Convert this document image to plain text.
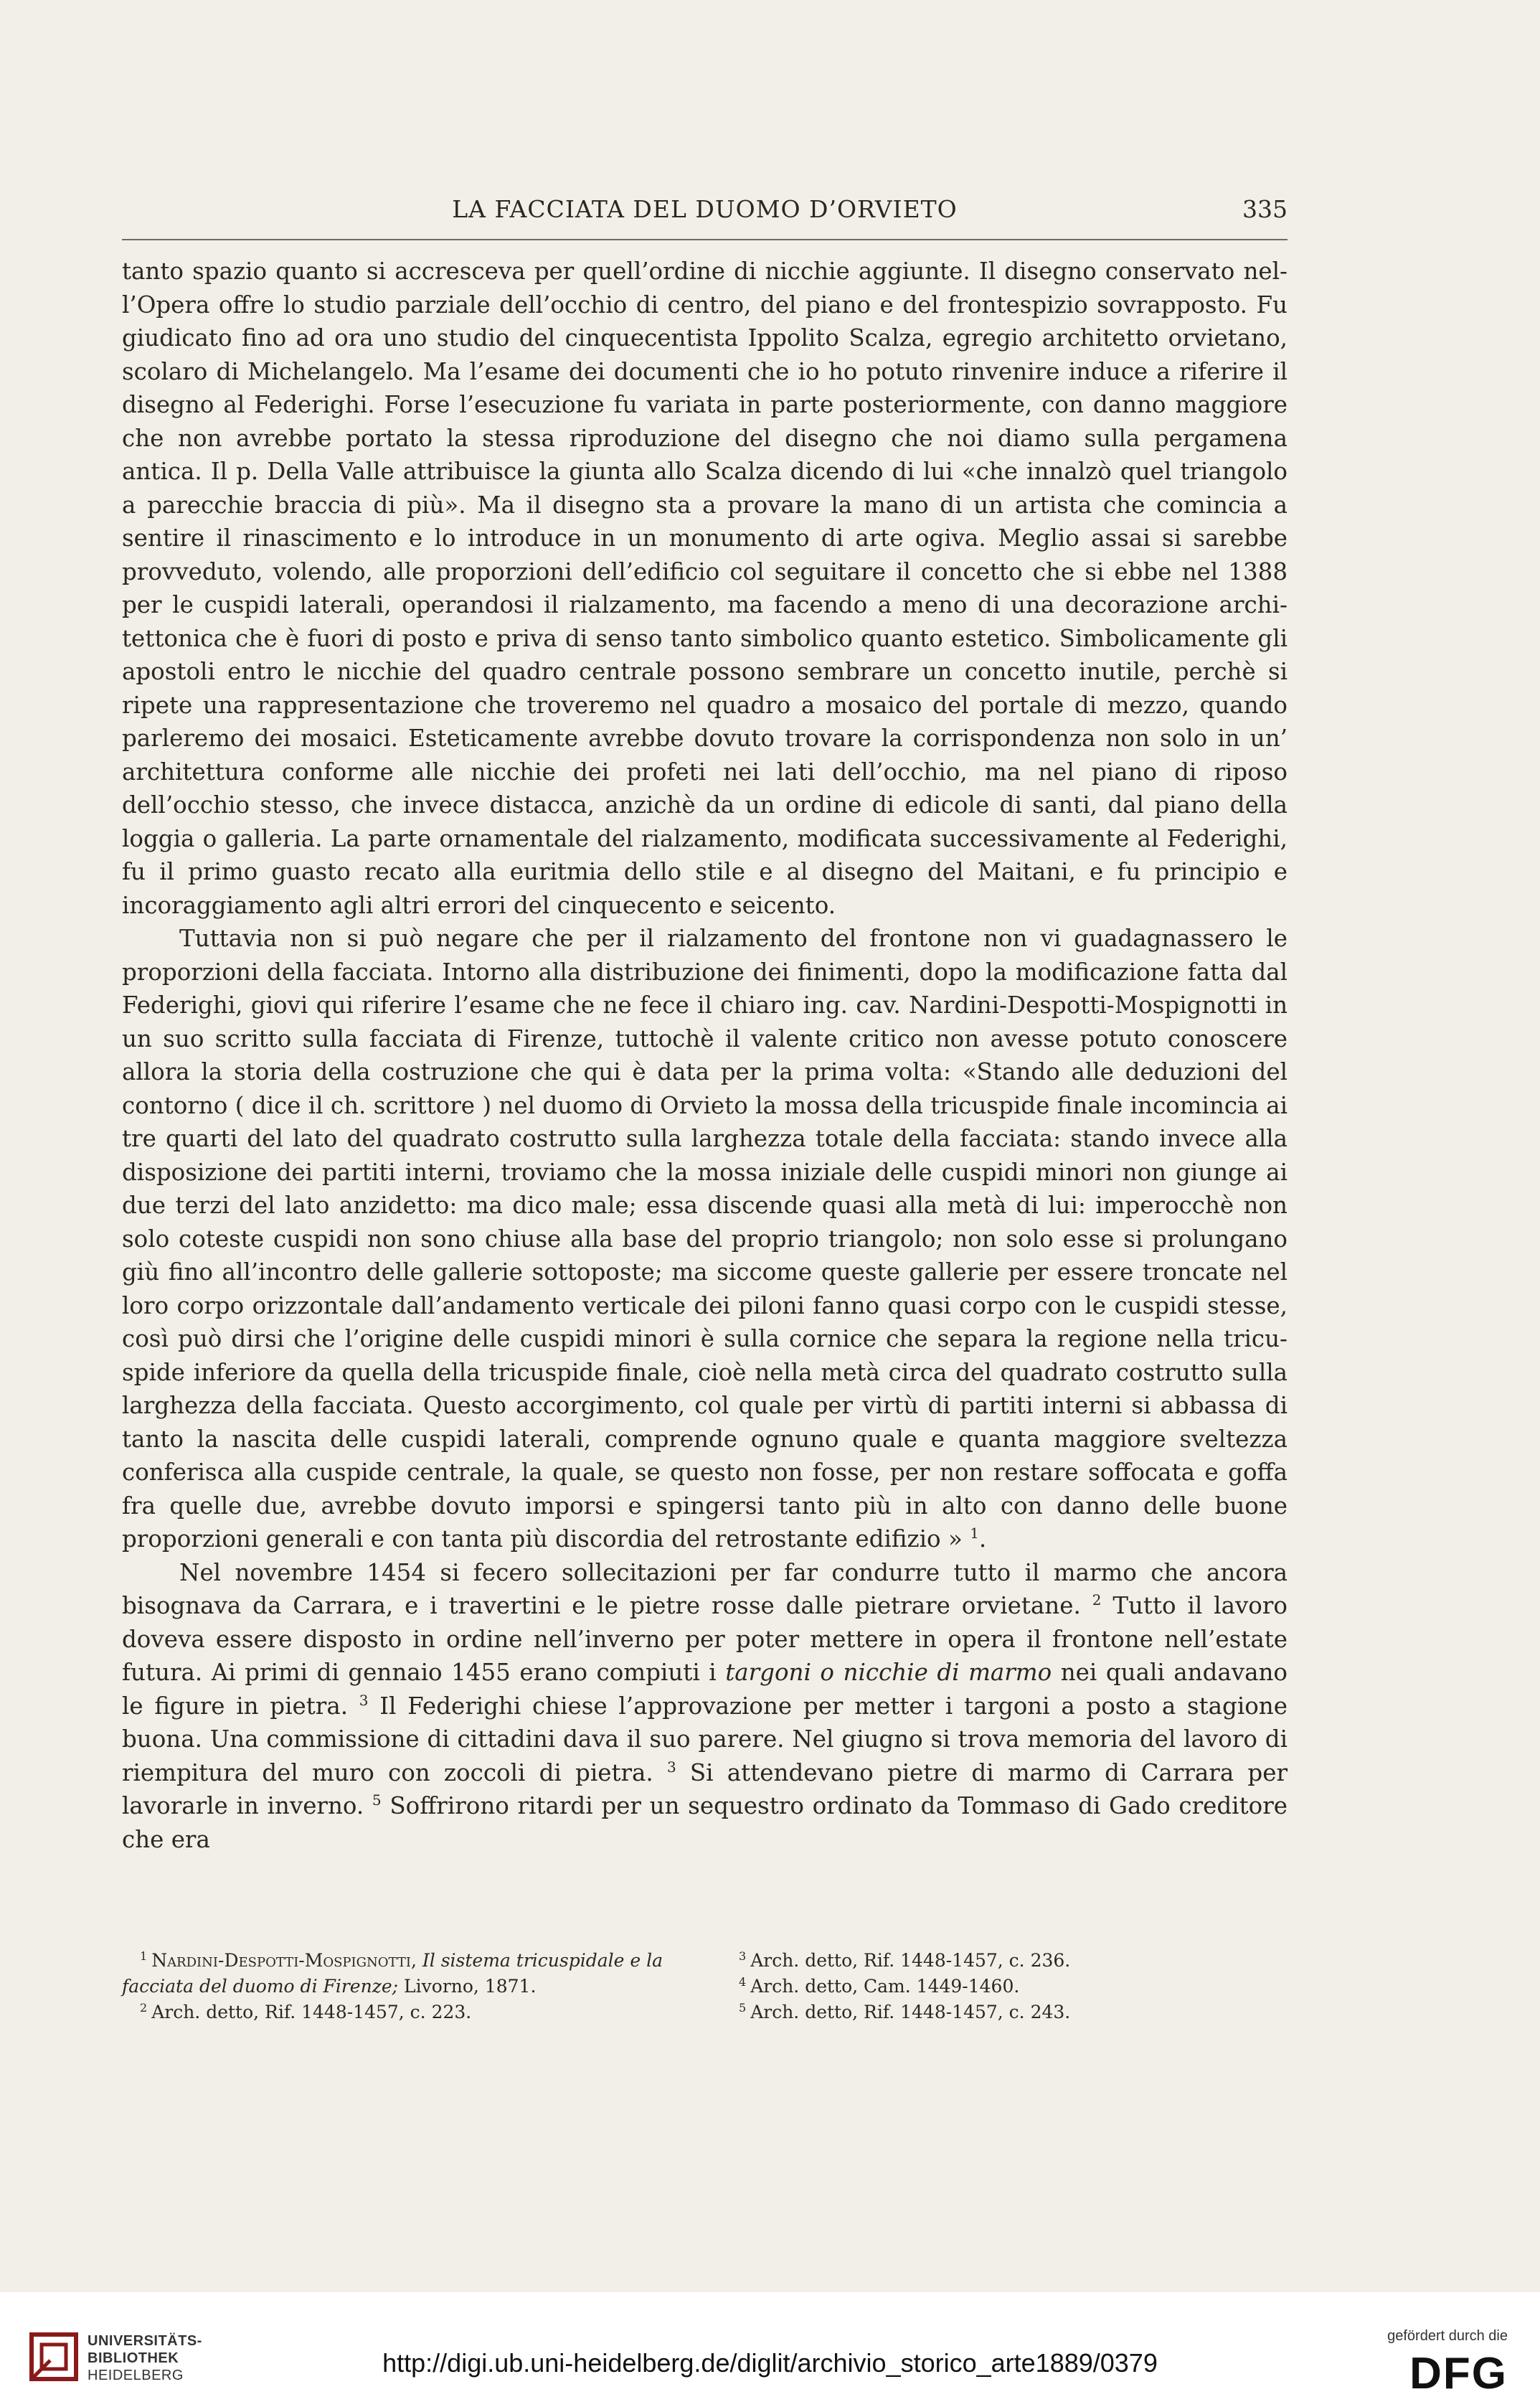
LA FACCIATA DEL DUOMO D’ORVIETO	335

tanto spazio quanto si accresceva per quell’ordine di nicchie aggiunte. Il disegno conservato nell’Opera offre lo studio parziale dell’occhio di centro, del piano e del frontespizio sovrapposto. Fu giudicato fino ad ora uno studio del cinquecentista Ippolito Scalza, egregio architetto orvietano, scolaro di Michelangelo. Ma l’esame dei documenti che io ho potuto rinvenire induce a riferire il disegno al Federighi. Forse l’esecuzione fu variata in parte posteriormente, con danno maggiore che non avrebbe portato la stessa riproduzione del disegno che noi diamo sulla pergamena antica. Il p. Della Valle attribuisce la giunta allo Scalza dicendo di lui «che innalzò quel triangolo a parecchie braccia di più». Ma il disegno sta a provare la mano di un artista che comincia a sentire il rinascimento e lo introduce in un monumento di arte ogiva. Meglio assai si sarebbe provveduto, volendo, alle proporzioni dell’edificio col seguitare il concetto che si ebbe nel 1388 per le cuspidi laterali, operandosi il rialzamento, ma facendo a meno di una decorazione architettonica che è fuori di posto e priva di senso tanto simbolico quanto estetico. Simbolicamente gli apostoli entro le nicchie del quadro centrale possono sembrare un concetto inutile, perchè si ripete una rappresentazione che troveremo nel quadro a mosaico del portale di mezzo, quando parleremo dei mosaici. Esteticamente avrebbe dovuto trovare la corrispondenza non solo in un’ architettura conforme alle nicchie dei profeti nei lati dell’occhio, ma nel piano di riposo dell’occhio stesso, che invece distacca, anzichè da un ordine di edicole di santi, dal piano della loggia o galleria. La parte ornamentale del rialzamento, modificata successivamente al Federighi, fu il primo guasto recato alla euritmia dello stile e al disegno del Maitani, e fu principio e incoraggiamento agli altri errori del cinquecento e seicento.

Tuttavia non si può negare che per il rialzamento del frontone non vi guadagnassero le proporzioni della facciata. Intorno alla distribuzione dei finimenti, dopo la modificazione fatta dal Federighi, giovi qui riferire l’esame che ne fece il chiaro ing. cav. Nardini-Despotti-Mospignotti in un suo scritto sulla facciata di Firenze, tuttochè il valente critico non avesse potuto conoscere allora la storia della costruzione che qui è data per la prima volta: «Stando alle deduzioni del contorno ( dice il ch. scrittore ) nel duomo di Orvieto la mossa della tricuspide finale incomincia ai tre quarti del lato del quadrato costrutto sulla larghezza totale della facciata: stando invece alla disposizione dei partiti interni, troviamo che la mossa iniziale delle cuspidi minori non giunge ai due terzi del lato anzidetto: ma dico male; essa discende quasi alla metà di lui: imperocchè non solo coteste cuspidi non sono chiuse alla base del proprio triangolo; non solo esse si prolungano giù fino all’incontro delle gallerie sottoposte; ma siccome queste gallerie per essere troncate nel loro corpo orizzontale dall’andamento verticale dei piloni fanno quasi corpo con le cuspidi stesse, così può dirsi che l’origine delle cuspidi minori è sulla cornice che separa la regione nella tricuspide inferiore da quella della tricuspide finale, cioè nella metà circa del quadrato costrutto sulla larghezza della facciata. Questo accorgimento, col quale per virtù di partiti interni si abbassa di tanto la nascita delle cuspidi laterali, comprende ognuno quale e quanta maggiore sveltezza conferisca alla cuspide centrale, la quale, se questo non fosse, per non restare soffocata e goffa fra quelle due, avrebbe dovuto imporsi e spingersi tanto più in alto con danno delle buone proporzioni generali e con tanta più discordia del retrostante edifizio » $^1$.

Nel novembre 1454 si fecero sollecitazioni per far condurre tutto il marmo che ancora bisognava da Carrara, e i travertini e le pietre rosse dalle pietrare orvietane. $^2$ Tutto il lavoro doveva essere disposto in ordine nell’inverno per poter mettere in opera il frontone nell’estate futura. Ai primi di gennaio 1455 erano compiuti i targoni o nicchie di marmo nei quali andavano le figure in pietra. $^3$ Il Federighi chiese l’approvazione per metter i targoni a posto a stagione buona. Una commissione di cittadini dava il suo parere. Nel giugno si trova memoria del lavoro di riempitura del muro con zoccoli di pietra. $^3$ Si attendevano pietre di marmo di Carrara per lavorarle in inverno. $^5$ Soffrirono ritardi per un sequestro ordinato da Tommaso di Gado creditore che era

$^1$ Nardini-Despotti-Mospignotti, Il sistema tricuspidale e la facciata del duomo di Firenze; Livorno, 1871.

$^2$ Arch. detto, Rif. 1448-1457, c. 223.

$^3$ Arch. detto, Rif. 1448-1457, c. 236.

$^4$ Arch. detto, Cam. 1449-1460.

$^5$ Arch. detto, Rif. 1448-1457, c. 243.

UNIVERSITÄTS-
BIBLIOTHEK
HEIDELBERG	http://digi.ub.uni-heidelberg.de/diglit/archivio_storico_arte1889/0379
gefördert durch die
DFG
